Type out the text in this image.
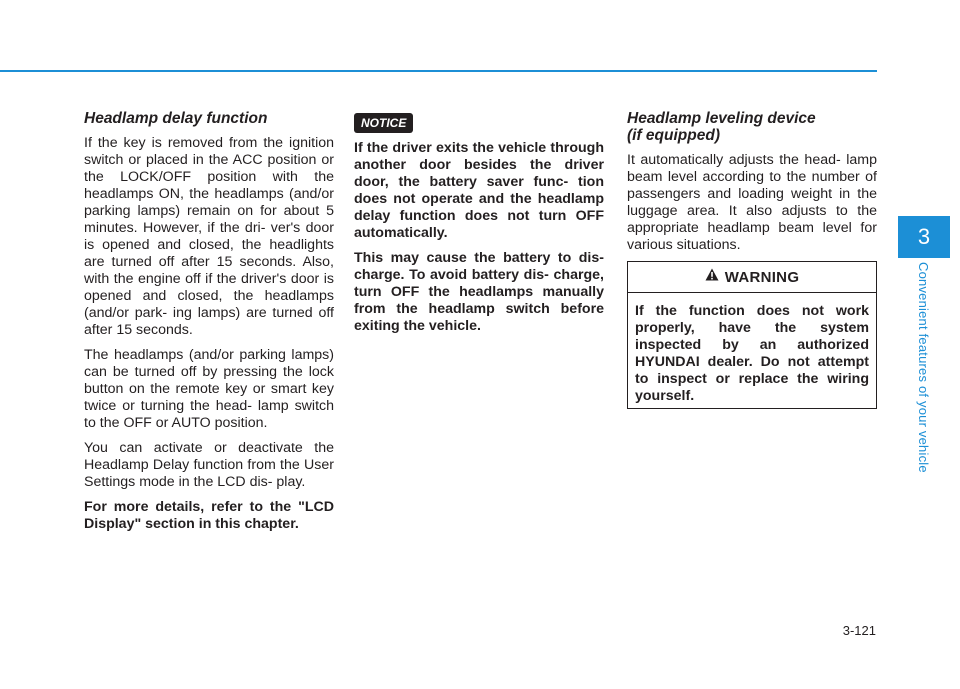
Headlamp delay function

If the key is removed from the ignition switch or placed in the ACC position or the LOCK/OFF position with the headlamps ON, the headlamps (and/or parking lamps) remain on for about 5 minutes. However, if the dri- ver's door is opened and closed, the headlights are turned off after 15 seconds. Also, with the engine off if the driver's door is opened and closed, the headlamps (and/or park- ing lamps) are turned off after 15 seconds.

The headlamps (and/or parking lamps) can be turned off by pressing the lock button on the remote key or smart key twice or turning the head- lamp switch to the OFF or AUTO position.

You can activate or deactivate the Headlamp Delay function from the User Settings mode in the LCD dis- play.

For more details, refer to the "LCD Display" section in this chapter.

NOTICE

If the driver exits the vehicle through another door besides the driver door, the battery saver func- tion does not operate and the headlamp delay function does not turn OFF automatically.

This may cause the battery to dis- charge. To avoid battery dis- charge, turn OFF the headlamps manually from the headlamp switch before exiting the vehicle.

Headlamp leveling device
(if equipped)

It automatically adjusts the head- lamp beam level according to the number of passengers and loading weight in the luggage area. It also adjusts to the appropriate headlamp beam level for various situations.

WARNING

If the function does not work properly, have the system inspected by an authorized HYUNDAI dealer. Do not attempt to inspect or replace the wiring yourself.

3
Convenient features of your vehicle
3-121
